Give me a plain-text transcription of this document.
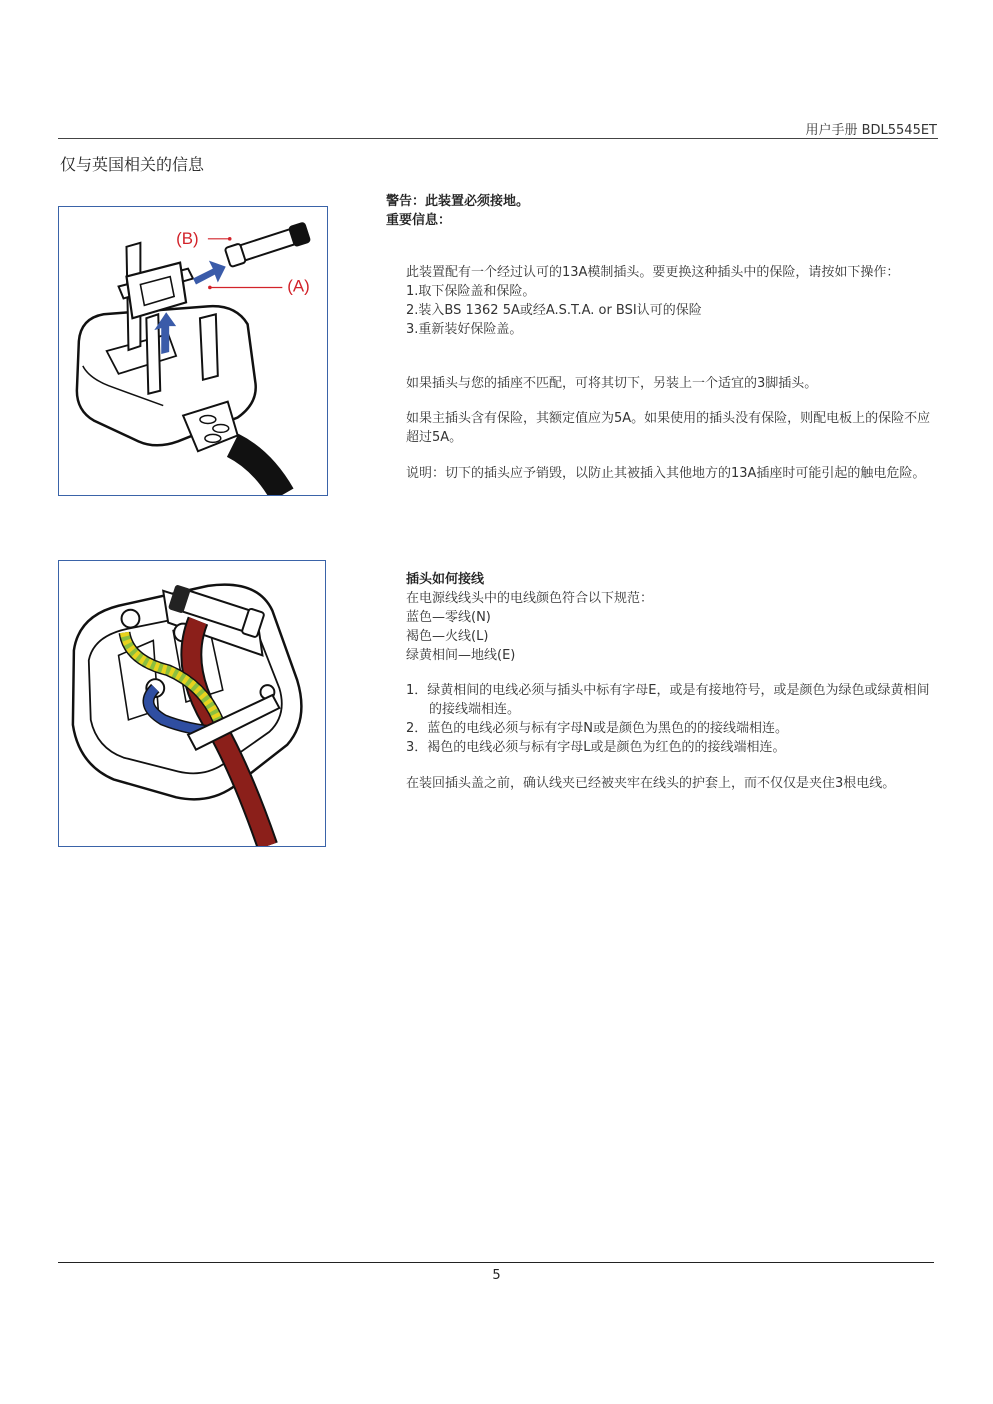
用户手册 BDL5545ET
仅与英国相关的信息
(B)
(A)
警告：此装置必须接地。
重要信息：

此装置配有一个经过认可的13A模制插头。要更换这种插头中的保险，请按如下操作：

1.取下保险盖和保险。
2.装入BS 1362 5A或经A.S.T.A. or BSI认可的保险
3.重新装好保险盖。
如果插头与您的插座不匹配，可将其切下，另装上一个适宜的3脚插头。
如果主插头含有保险，其额定值应为5A。如果使用的插头没有保险，则配电板上的保险不应超过5A。
说明：切下的插头应予销毁，以防止其被插入其他地方的13A插座时可能引起的触电危险。
插头如何接线
在电源线线头中的电线颜色符合以下规范：
蓝色—零线(N)
褐色—火线(L)
绿黄相间—地线(E)
1．绿黄相间的电线必须与插头中标有字母E，或是有接地符号，或是颜色为绿色或绿黄相间的接线端相连。
2．蓝色的电线必须与标有字母N或是颜色为黑色的的接线端相连。
3．褐色的电线必须与标有字母L或是颜色为红色的的接线端相连。
在装回插头盖之前，确认线夹已经被夹牢在线头的护套上，而不仅仅是夹住3根电线。
5
